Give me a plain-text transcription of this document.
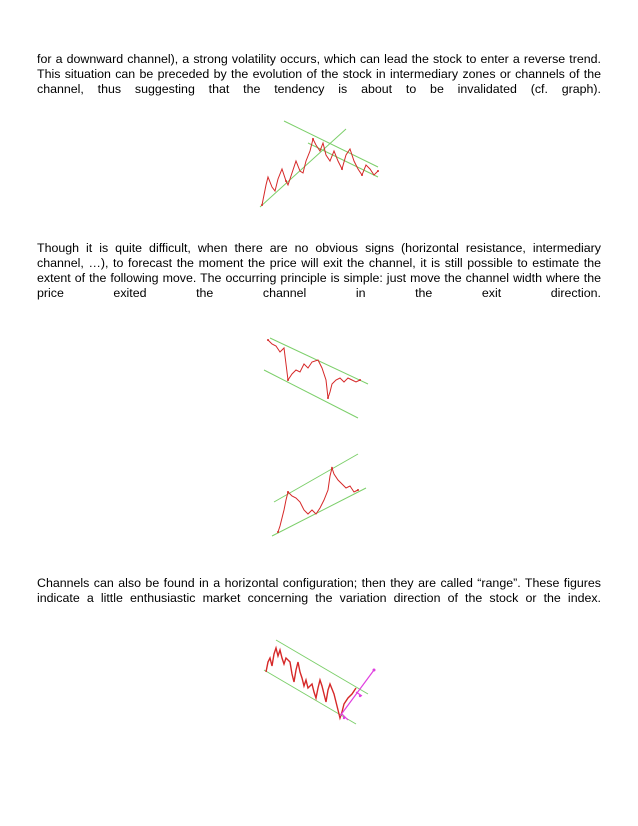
for a downward channel), a strong volatility occurs, which can lead the stock to enter a reverse trend. This situation can be preceded by the evolution of the stock in intermediary zones or channels of the channel, thus suggesting that the tendency is about to be invalidated (cf. graph).

Though it is quite difficult, when there are no obvious signs (horizontal resistance, intermediary channel, …), to forecast the moment the price will exit the channel, it is still possible to estimate the extent of the following move. The occurring principle is simple: just move the channel width where the price exited the channel in the exit direction.

Channels can also be found in a horizontal configuration; then they are called “range”. These figures indicate a little enthusiastic market concerning the variation direction of the stock or the index.
